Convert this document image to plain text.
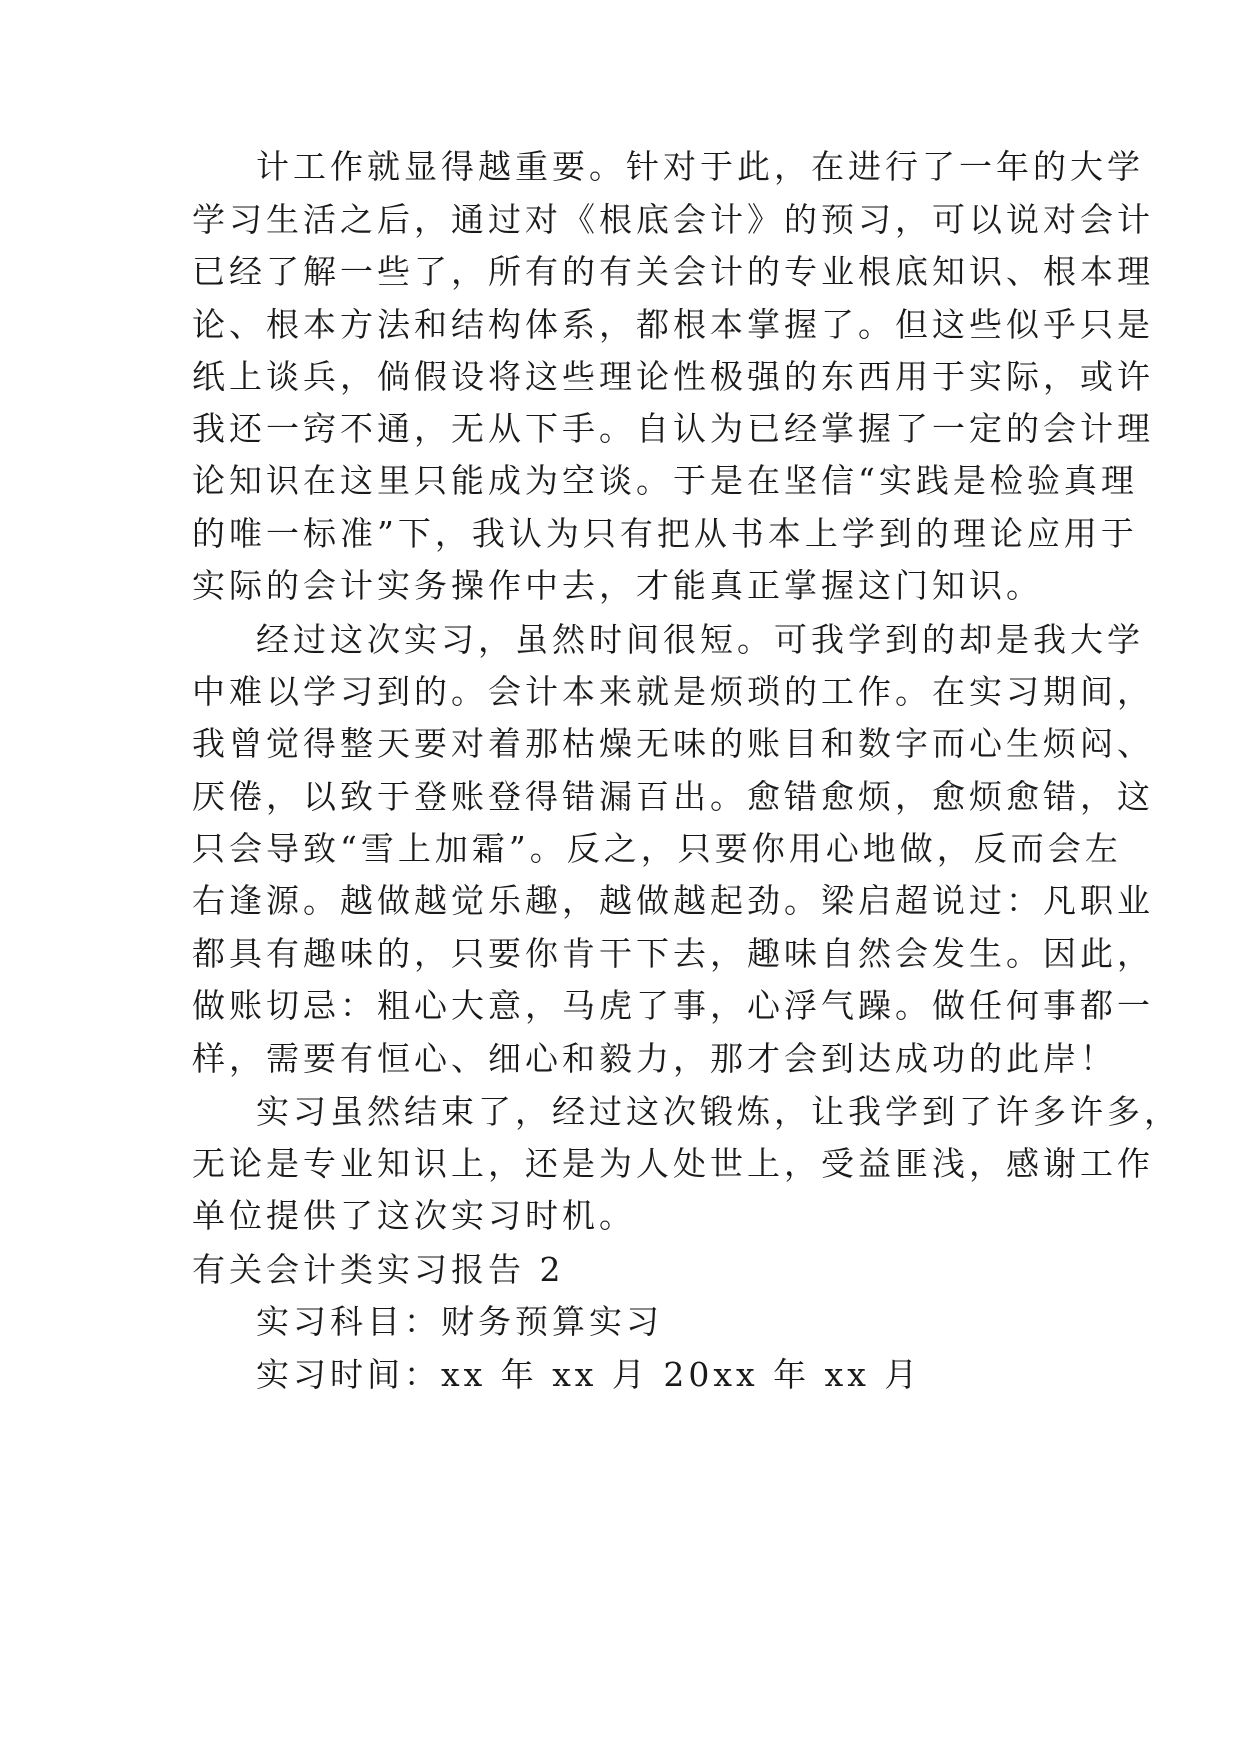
计工作就显得越重要。针对于此，在进行了一年的大学
学习生活之后，通过对《根底会计》的预习，可以说对会计
已经了解一些了，所有的有关会计的专业根底知识、根本理
论、根本方法和结构体系，都根本掌握了。但这些似乎只是
纸上谈兵，倘假设将这些理论性极强的东西用于实际，或许
我还一窍不通，无从下手。自认为已经掌握了一定的会计理
论知识在这里只能成为空谈。于是在坚信“实践是检验真理
的唯一标准”下，我认为只有把从书本上学到的理论应用于
实际的会计实务操作中去，才能真正掌握这门知识。
经过这次实习，虽然时间很短。可我学到的却是我大学
中难以学习到的。会计本来就是烦琐的工作。在实习期间，
我曾觉得整天要对着那枯燥无味的账目和数字而心生烦闷、
厌倦，以致于登账登得错漏百出。愈错愈烦，愈烦愈错，这
只会导致“雪上加霜”。反之，只要你用心地做，反而会左
右逢源。越做越觉乐趣，越做越起劲。梁启超说过：凡职业
都具有趣味的，只要你肯干下去，趣味自然会发生。因此，
做账切忌：粗心大意，马虎了事，心浮气躁。做任何事都一
样，需要有恒心、细心和毅力，那才会到达成功的此岸！
实习虽然结束了，经过这次锻炼，让我学到了许多许多，
无论是专业知识上，还是为人处世上，受益匪浅，感谢工作
单位提供了这次实习时机。
有关会计类实习报告 2
实习科目：财务预算实习
实习时间：xx 年 xx 月 20xx 年 xx 月
